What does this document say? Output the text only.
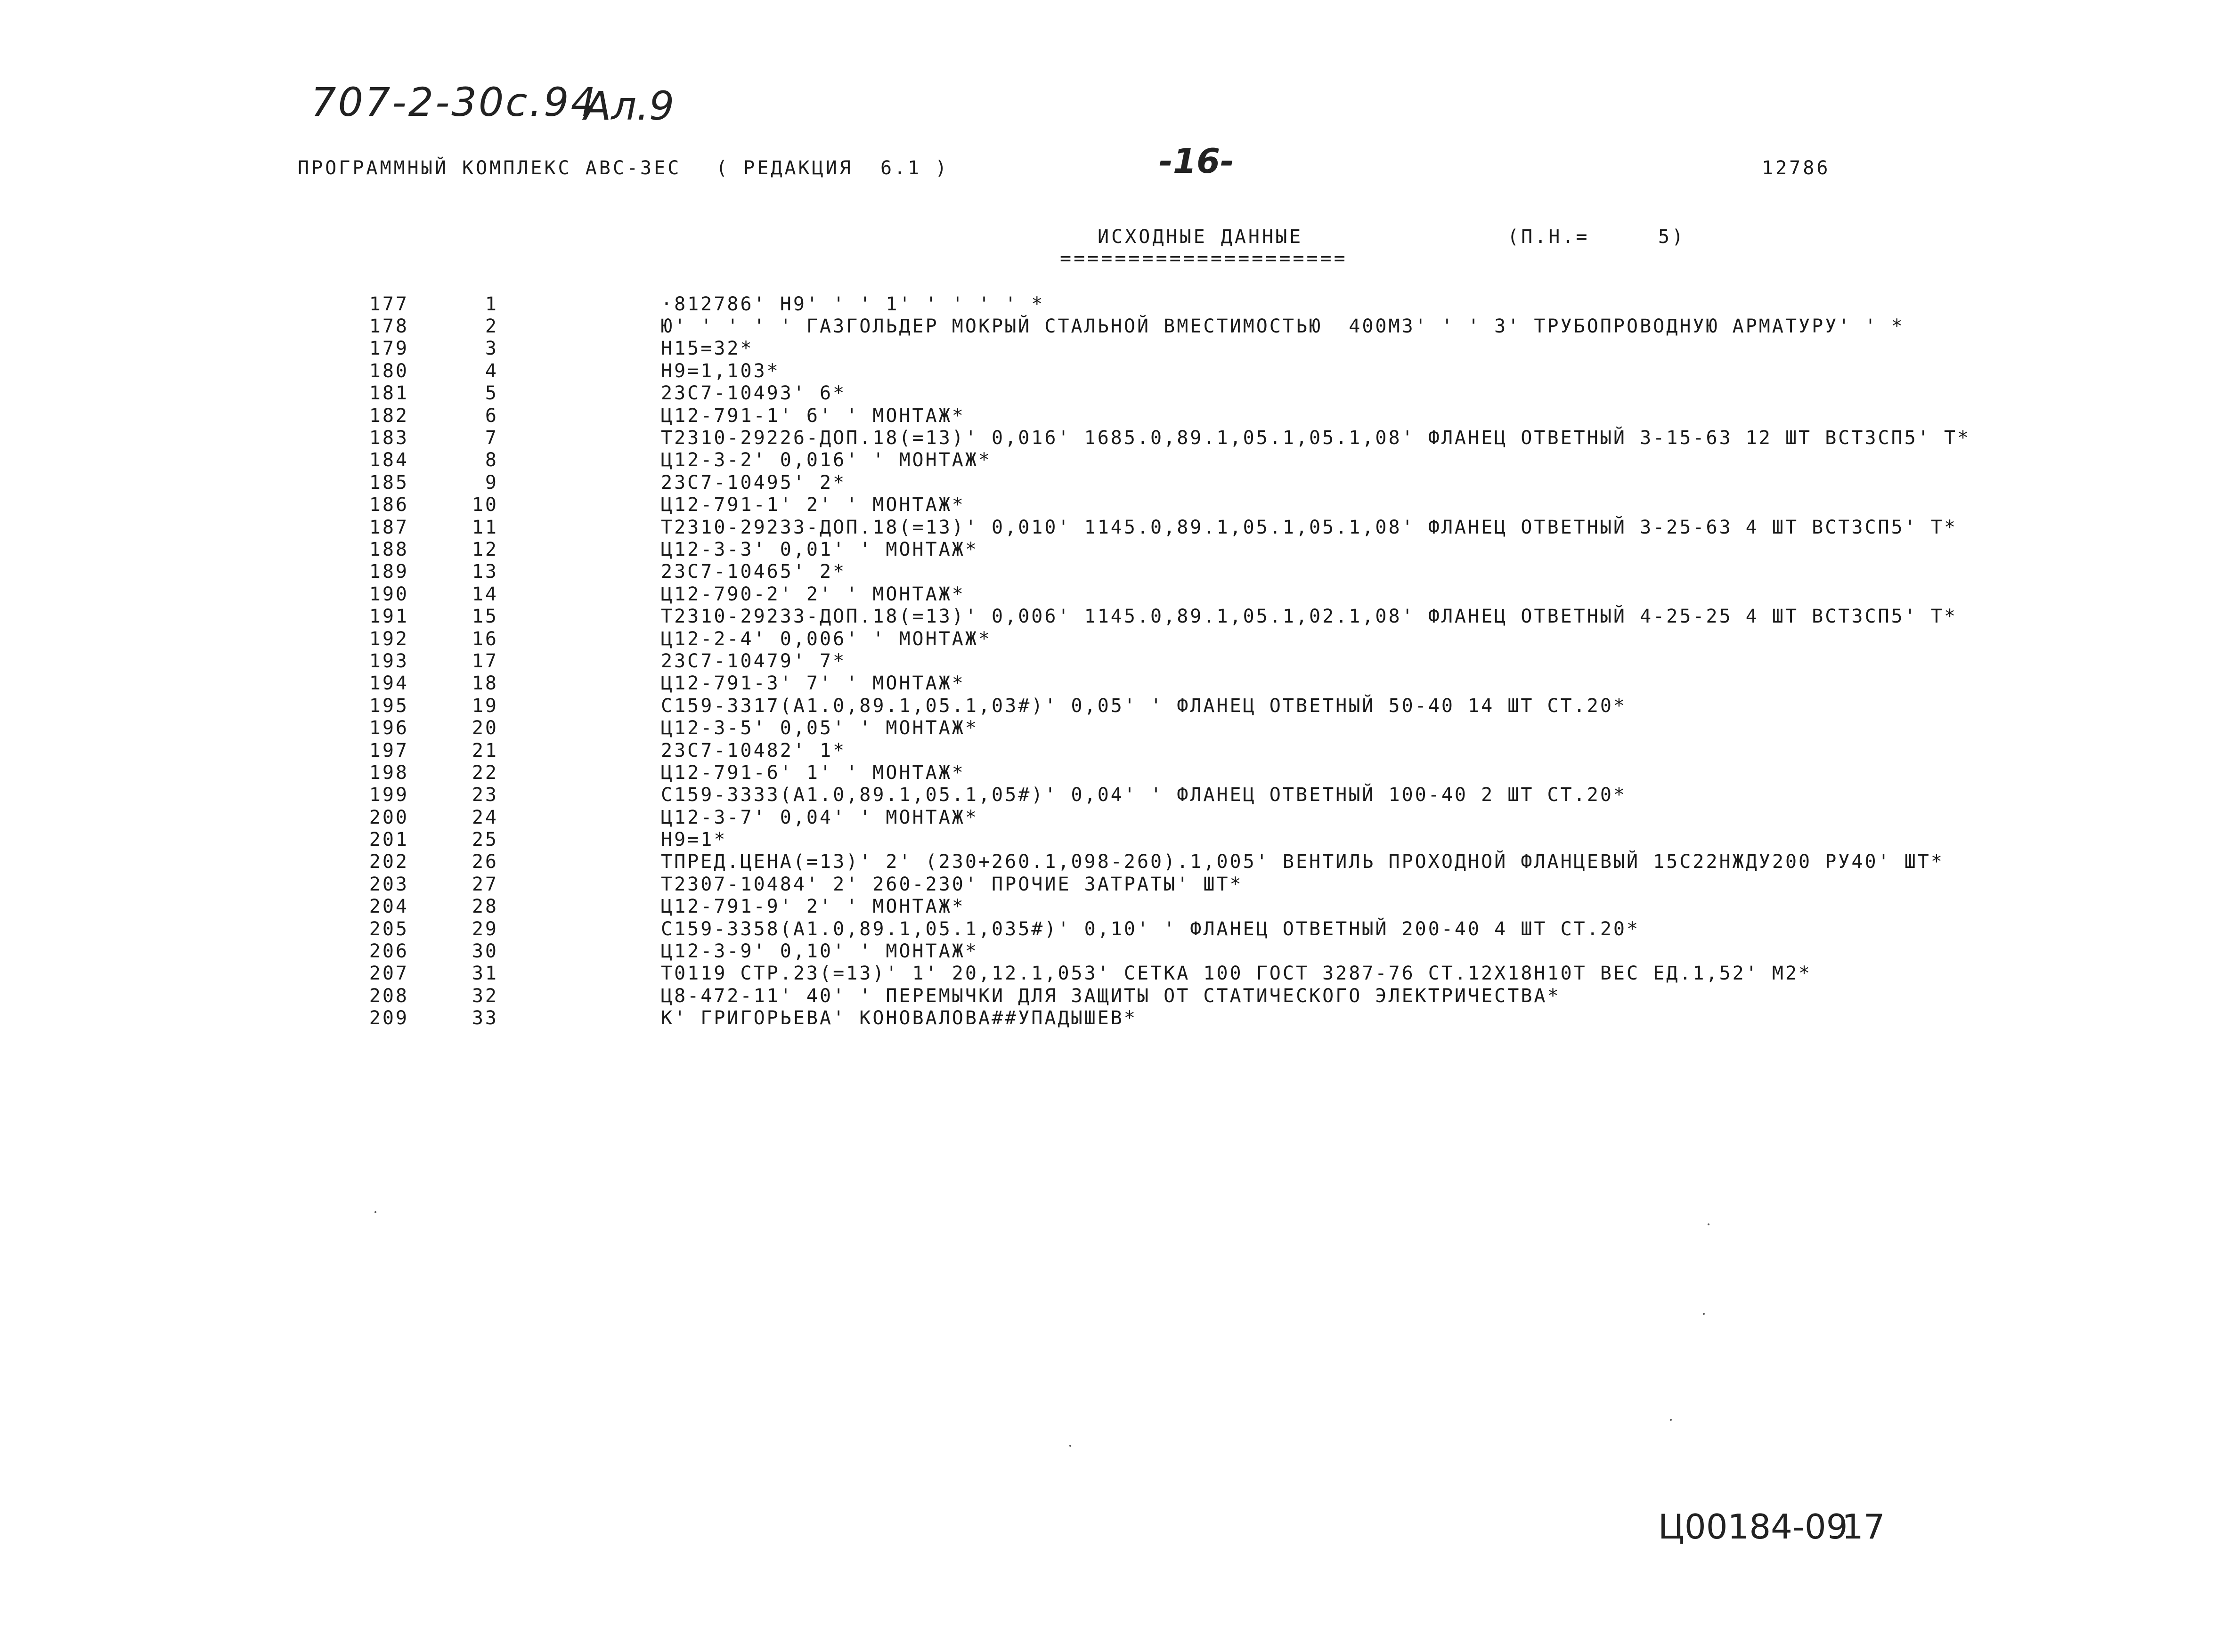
707-2-30с.94
Ал.9
-16-
ПРОГРАММНЫЙ КОМПЛЕКС АВС-3ЕС ( РЕДАКЦИЯ  6.1 )	12786
ИСХОДНЫЕ ДАННЫЕ
=====================
(П.Н.=	5)
177	1	·812786' Н9' ' ' 1' ' ' ' ' *
178	2	Ю' ' ' ' ' ГАЗГОЛЬДЕР МОКРЫЙ СТАЛЬНОЙ ВМЕСТИМОСТЬЮ  400М3' ' ' 3' ТРУБОПРОВОДНУЮ АРМАТУРУ' ' *
179	3	Н15=32*
180	4	Н9=1,103*
181	5	23С7-10493' 6*
182	6	Ц12-791-1' 6' ' МОНТАЖ*
183	7	Т2310-29226-ДОП.18(=13)' 0,016' 1685.0,89.1,05.1,05.1,08' ФЛАНЕЦ ОТВЕТНЫЙ 3-15-63 12 ШТ ВСТ3СП5' Т*
184	8	Ц12-3-2' 0,016' ' МОНТАЖ*
185	9	23С7-10495' 2*
186	10	Ц12-791-1' 2' ' МОНТАЖ*
187	11	Т2310-29233-ДОП.18(=13)' 0,010' 1145.0,89.1,05.1,05.1,08' ФЛАНЕЦ ОТВЕТНЫЙ 3-25-63 4 ШТ ВСТ3СП5' Т*
188	12	Ц12-3-3' 0,01' ' МОНТАЖ*
189	13	23С7-10465' 2*
190	14	Ц12-790-2' 2' ' МОНТАЖ*
191	15	Т2310-29233-ДОП.18(=13)' 0,006' 1145.0,89.1,05.1,02.1,08' ФЛАНЕЦ ОТВЕТНЫЙ 4-25-25 4 ШТ ВСТ3СП5' Т*
192	16	Ц12-2-4' 0,006' ' МОНТАЖ*
193	17	23С7-10479' 7*
194	18	Ц12-791-3' 7' ' МОНТАЖ*
195	19	С159-3317(А1.0,89.1,05.1,03#)' 0,05' ' ФЛАНЕЦ ОТВЕТНЫЙ 50-40 14 ШТ СТ.20*
196	20	Ц12-3-5' 0,05' ' МОНТАЖ*
197	21	23С7-10482' 1*
198	22	Ц12-791-6' 1' ' МОНТАЖ*
199	23	С159-3333(А1.0,89.1,05.1,05#)' 0,04' ' ФЛАНЕЦ ОТВЕТНЫЙ 100-40 2 ШТ СТ.20*
200	24	Ц12-3-7' 0,04' ' МОНТАЖ*
201	25	Н9=1*
202	26	ТПРЕД.ЦЕНА(=13)' 2' (230+260.1,098-260).1,005' ВЕНТИЛЬ ПРОХОДНОЙ ФЛАНЦЕВЫЙ 15С22НЖДУ200 РУ40' ШТ*
203	27	Т2307-10484' 2' 260-230' ПРОЧИЕ ЗАТРАТЫ' ШТ*
204	28	Ц12-791-9' 2' ' МОНТАЖ*
205	29	С159-3358(А1.0,89.1,05.1,035#)' 0,10' ' ФЛАНЕЦ ОТВЕТНЫЙ 200-40 4 ШТ СТ.20*
206	30	Ц12-3-9' 0,10' ' МОНТАЖ*
207	31	Т0119 СТР.23(=13)' 1' 20,12.1,053' СЕТКА 100 ГОСТ 3287-76 СТ.12Х18Н10Т ВЕС ЕД.1,52' М2*
208	32	Ц8-472-11' 40' ' ПЕРЕМЫЧКИ ДЛЯ ЗАЩИТЫ ОТ СТАТИЧЕСКОГО ЭЛЕКТРИЧЕСТВА*
209	33	К' ГРИГОРЬЕВА' КОНОВАЛОВА##УПАДЫШЕВ*
Ц00184-09
17
